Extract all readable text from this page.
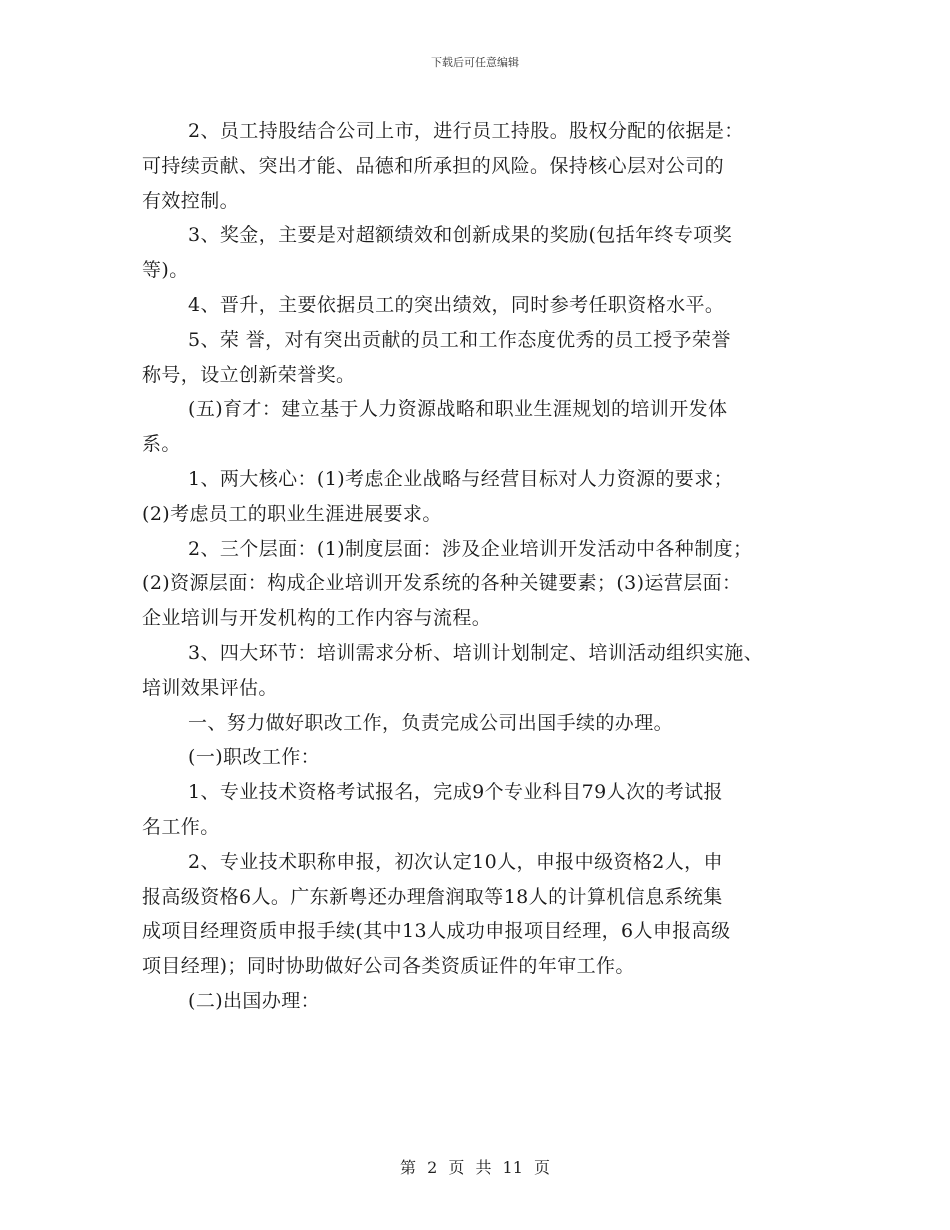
下载后可任意编辑
2、员工持股结合公司上市，进行员工持股。股权分配的依据是：
可持续贡献、突出才能、品德和所承担的风险。保持核心层对公司的
有效控制。
3、奖金，主要是对超额绩效和创新成果的奖励(包括年终专项奖
等)。
4、晋升，主要依据员工的突出绩效，同时参考任职资格水平。
5、荣 誉，对有突出贡献的员工和工作态度优秀的员工授予荣誉
称号，设立创新荣誉奖。
(五)育才：建立基于人力资源战略和职业生涯规划的培训开发体
系。
1、两大核心：(1)考虑企业战略与经营目标对人力资源的要求；
(2)考虑员工的职业生涯进展要求。
2、三个层面：(1)制度层面：涉及企业培训开发活动中各种制度；
(2)资源层面：构成企业培训开发系统的各种关键要素；(3)运营层面：
企业培训与开发机构的工作内容与流程。
3、四大环节：培训需求分析、培训计划制定、培训活动组织实施、
培训效果评估。
一、努力做好职改工作，负责完成公司出国手续的办理。
(一)职改工作：
1、专业技术资格考试报名，完成9个专业科目79人次的考试报
名工作。
2、专业技术职称申报，初次认定10人，申报中级资格2人，申
报高级资格6人。广东新粤还办理詹润取等18人的计算机信息系统集
成项目经理资质申报手续(其中13人成功申报项目经理，6人申报高级
项目经理)；同时协助做好公司各类资质证件的年审工作。
(二)出国办理：
第 2 页 共 11 页
